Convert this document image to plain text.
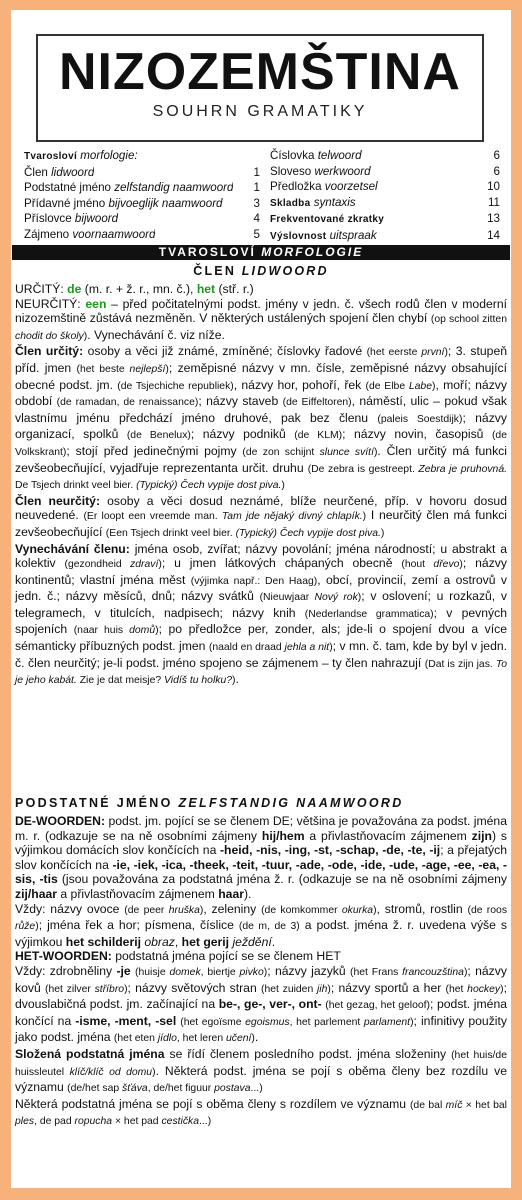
NIZOZEMŠTINA
SOUHRN GRAMATIKY
Tvarosloví morfologie:
Člen lidwoord	1
Podstatné jméno zelfstandig naamwoord 1
Přídavné jméno bijvoeglijk naamwoord	3
Příslovce bijwoord	4
Zájmeno voornaamwoord	5
Číslovka telwoord	6
Sloveso werkwoord	6
Předložka voorzetsel	10
Skladba syntaxis	11
Frekventované zkratky	13
Výslovnost uitspraak	14
TVAROSLOVÍ MORFOLOGIE
ČLEN LIDWOORD

URČITÝ: de (m. r. + ž. r., mn. č.), het (stř. r.)

NEURČITÝ: een – před počitatelnými podst. jmény v jedn. č. všech rodů člen v moderní nizozemštině zůstává nezměněn. V některých ustálených spojení člen chybí (op school zitten chodit do školy). Vynechávání č. viz níže.

Člen určitý: osoby a věci již známé, zmíněné; číslovky řadové (het eerste první); 3. stupeň příd. jmen (het beste nejlepší); zeměpisné názvy v mn. čísle, zeměpisné názvy obsahující obecné podst. jm. (de Tsjechiche republiek), názvy hor, pohoří, řek (de Elbe Labe), moří; názvy období (de ramadan, de renaissance); názvy staveb (de Eiffeltoren), náměstí, ulic – pokud však vlastnímu jménu předchází jméno druhové, pak bez členu (paleis Soestdijk); názvy organizací, spolků (de Benelux); názvy podniků (de KLM); názvy novin, časopisů (de Volkskrant); stojí před jedinečnými pojmy (de zon schijnt slunce svítí). Člen určitý má funkci zevšeobecňující, vyjadřuje reprezentanta určit. druhu (De zebra is gestreept. Zebra je pruhovná. De Tsjech drinkt veel bier. (Typický) Čech vypije dost piva.)

Člen neurčitý: osoby a věci dosud neznámé, blíže neurčené, příp. v hovoru dosud neuvedené. (Er loopt een vreemde man. Tam jde nějaký divný chlapík.) I neurčitý člen má funkci zevšeobecňující (Een Tsjech drinkt veel bier. (Typický) Čech vypije dost piva.)

Vynechávání členu: jména osob, zvířat; názvy povolání; jména národností; u abstrakt a kolektiv (gezondheid zdraví); u jmen látkových chápaných obecně (hout dřevo); názvy kontinentů; vlastní jména měst (výjimka např.: Den Haag), obcí, provincií, zemí a ostrovů v jedn. č.; názvy měsíců, dnů; názvy svátků (Nieuwjaar Nový rok); v oslovení; u rozkazů, v telegramech, v titulcích, nadpisech; názvy knih (Nederlandse grammatica); v pevných spojeních (naar huis domů); po předložce per, zonder, als; jde-li o spojení dvou a více sémanticky příbuzných podst. jmen (naald en draad jehla a nit); v mn. č. tam, kde by byl v jedn. č. člen neurčitý; je-li podst. jméno spojeno se zájmenem – ty člen nahrazují (Dat is zijn jas. To je jeho kabát. Zie je dat meisje? Vidíš tu holku?).

PODSTATNÉ JMÉNO ZELFSTANDIG NAAMWOORD

DE-WOORDEN: podst. jm. pojící se se členem DE; většina je považována za podst. jména m. r. (odkazuje se na ně osobními zájmeny hij/hem a přivlastňovacím zájmenem zijn) s výjimkou domácích slov končících na -heid, -nis, -ing, -st, -schap, -de, -te, -ij; a přejatých slov končících na -ie, -iek, -ica, -theek, -teit, -tuur, -ade, -ode, -ide, -ude, -age, -ee, -ea, -sis, -tis (jsou považována za podstatná jména ž. r. (odkazuje se na ně osobními zájmeny zij/haar a přivlastňovacím zájmenem haar).

Vždy: názvy ovoce (de peer hruška), zeleniny (de komkommer okurka), stromů, rostlin (de roos růže); jména řek a hor; písmena, číslice (de m, de 3) a podst. jména ž. r. uvedena výše s výjimkou het schilderij obraz, het gerij ježdění.

HET-WOORDEN: podstatná jména pojící se se členem HET

Vždy: zdrobněliny -je (huisje domek, biertje pivko); názvy jazyků (het Frans francouzština); názvy kovů (het zilver stříbro); názvy světových stran (het zuiden jih); názvy sportů a her (het hockey); dvouslabičná podst. jm. začínající na be-, ge-, ver-, ont- (het gezag, het geloof); podst. jména končící na -isme, -ment, -sel (het egoïsme egoismus, het parlement parlament); infinitivy použity jako podst. jména (het eten jídlo, het leren učení).

Složená podstatná jména se řídí členem posledního podst. jména složeniny (het huis/de huissleutel klíč/klíč od domu). Některá podst. jména se pojí s oběma členy bez rozdílu ve významu (de/het sap šťáva, de/het figuur postava...)

Některá podstatná jména se pojí s oběma členy s rozdílem ve významu (de bal míč × het bal ples, de pad ropucha × het pad cestička...)
